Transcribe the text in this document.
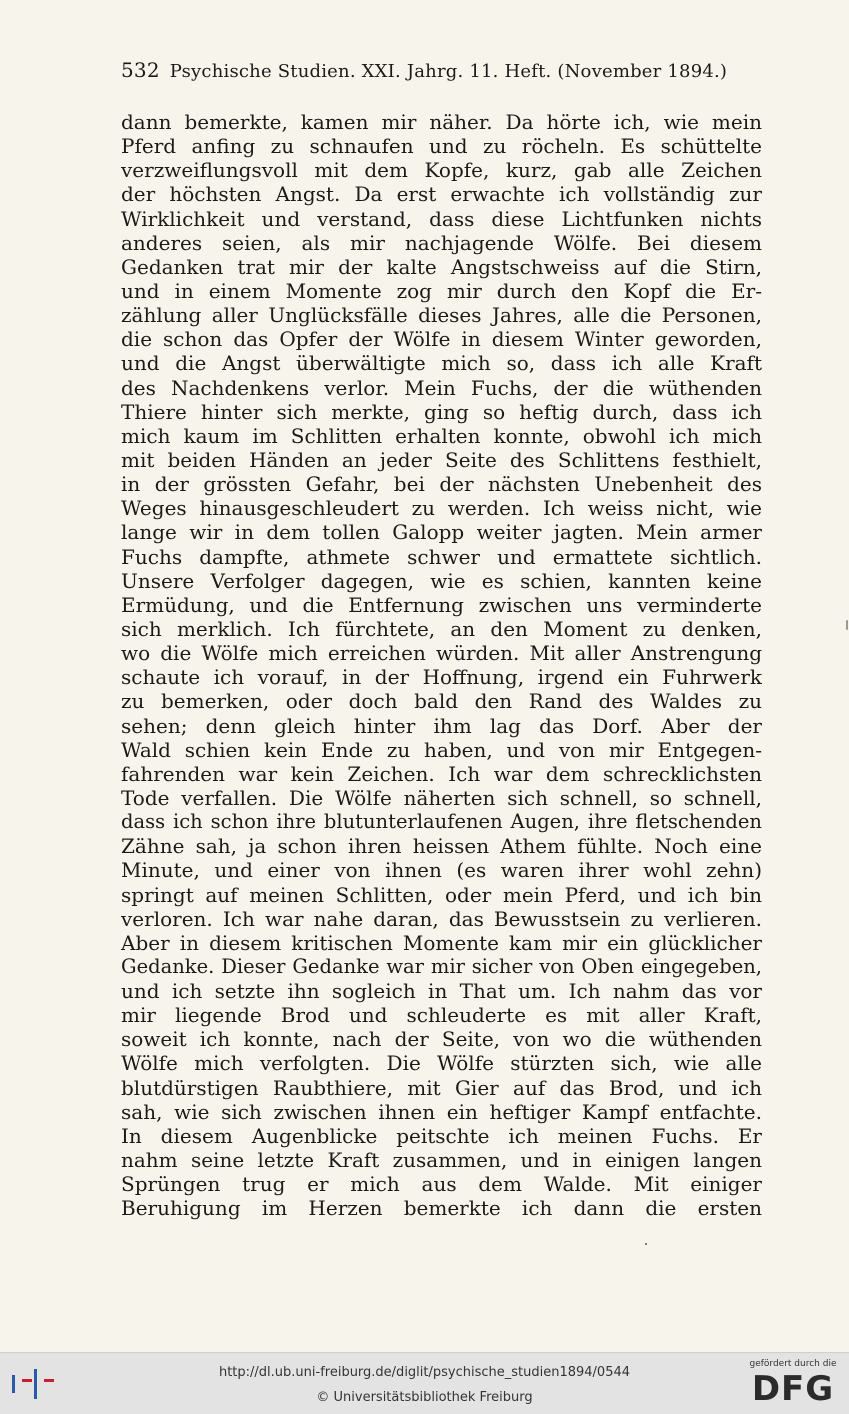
532 Psychische Studien. XXI. Jahrg. 11. Heft. (November 1894.)
dann bemerkte, kamen mir näher. Da hörte ich, wie mein
Pferd anfing zu schnaufen und zu röcheln. Es schüttelte
verzweiflungsvoll mit dem Kopfe, kurz, gab alle Zeichen
der höchsten Angst. Da erst erwachte ich vollständig zur
Wirklichkeit und verstand, dass diese Lichtfunken nichts
anderes seien, als mir nachjagende Wölfe. Bei diesem
Gedanken trat mir der kalte Angstschweiss auf die Stirn,
und in einem Momente zog mir durch den Kopf die Er-
zählung aller Unglücksfälle dieses Jahres, alle die Personen,
die schon das Opfer der Wölfe in diesem Winter geworden,
und die Angst überwältigte mich so, dass ich alle Kraft
des Nachdenkens verlor. Mein Fuchs, der die wüthenden
Thiere hinter sich merkte, ging so heftig durch, dass ich
mich kaum im Schlitten erhalten konnte, obwohl ich mich
mit beiden Händen an jeder Seite des Schlittens festhielt,
in der grössten Gefahr, bei der nächsten Unebenheit des
Weges hinausgeschleudert zu werden. Ich weiss nicht, wie
lange wir in dem tollen Galopp weiter jagten. Mein armer
Fuchs dampfte, athmete schwer und ermattete sichtlich.
Unsere Verfolger dagegen, wie es schien, kannten keine
Ermüdung, und die Entfernung zwischen uns verminderte
sich merklich. Ich fürchtete, an den Moment zu denken,
wo die Wölfe mich erreichen würden. Mit aller Anstrengung
schaute ich vorauf, in der Hoffnung, irgend ein Fuhrwerk
zu bemerken, oder doch bald den Rand des Waldes zu
sehen; denn gleich hinter ihm lag das Dorf. Aber der
Wald schien kein Ende zu haben, und von mir Entgegen-
fahrenden war kein Zeichen. Ich war dem schrecklichsten
Tode verfallen. Die Wölfe näherten sich schnell, so schnell,
dass ich schon ihre blutunterlaufenen Augen, ihre fletschenden
Zähne sah, ja schon ihren heissen Athem fühlte. Noch eine
Minute, und einer von ihnen (es waren ihrer wohl zehn)
springt auf meinen Schlitten, oder mein Pferd, und ich bin
verloren. Ich war nahe daran, das Bewusstsein zu verlieren.
Aber in diesem kritischen Momente kam mir ein glücklicher
Gedanke. Dieser Gedanke war mir sicher von Oben eingegeben,
und ich setzte ihn sogleich in That um. Ich nahm das vor
mir liegende Brod und schleuderte es mit aller Kraft,
soweit ich konnte, nach der Seite, von wo die wüthenden
Wölfe mich verfolgten. Die Wölfe stürzten sich, wie alle
blutdürstigen Raubthiere, mit Gier auf das Brod, und ich
sah, wie sich zwischen ihnen ein heftiger Kampf entfachte.
In diesem Augenblicke peitschte ich meinen Fuchs. Er
nahm seine letzte Kraft zusammen, und in einigen langen
Sprüngen trug er mich aus dem Walde. Mit einiger
Beruhigung im Herzen bemerkte ich dann die ersten
http://dl.ub.uni-freiburg.de/diglit/psychische_studien1894/0544
© Universitätsbibliothek Freiburg
gefördert durch die
DFG
